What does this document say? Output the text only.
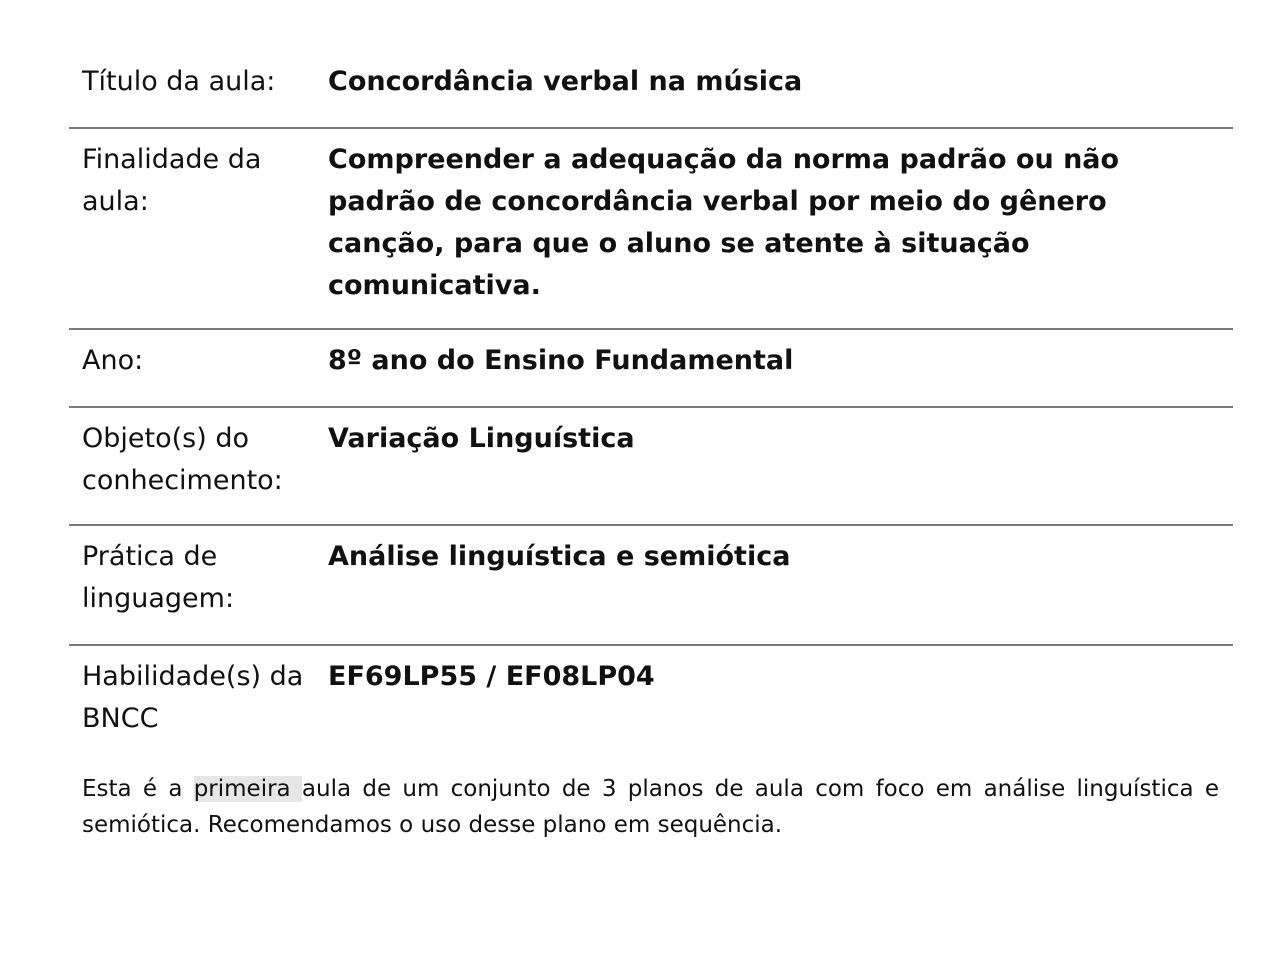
Título da aula:	Concordância verbal na música
Finalidade da aula:
Compreender a adequação da norma padrão ou não padrão de concordância verbal por meio do gênero canção, para que o aluno se atente à situação comunicativa.
Ano:	8º ano do Ensino Fundamental
Objeto(s) do conhecimento:
Variação Linguística
Prática de linguagem:
Análise linguística e semiótica
Habilidade(s) da BNCC
EF69LP55 / EF08LP04

Esta é a primeira aula de um conjunto de 3 planos de aula com foco em análise linguística e semiótica. Recomendamos o uso desse plano em sequência.
